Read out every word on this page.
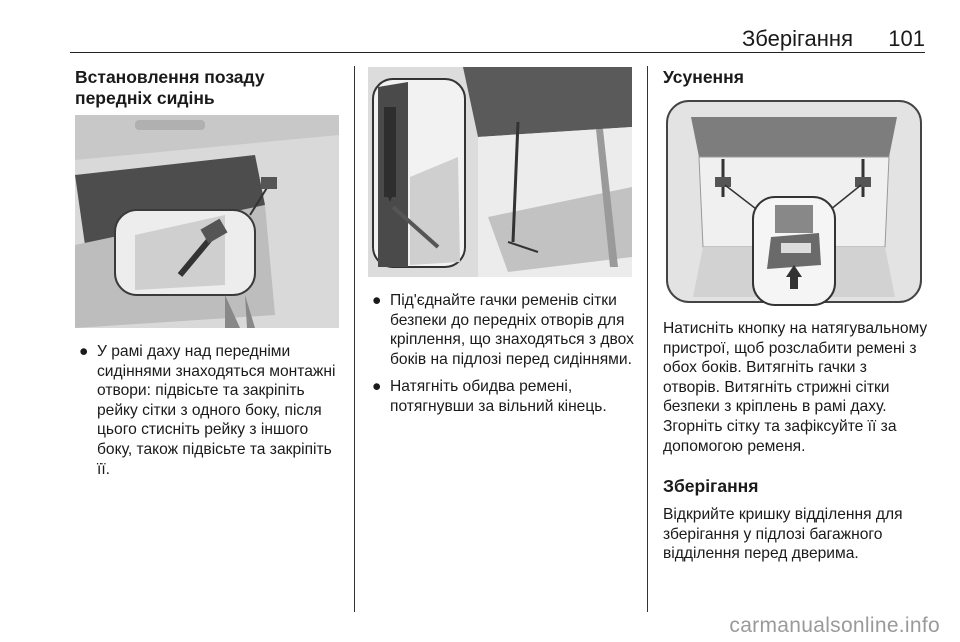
Зберігання 101
Встановлення позаду передніх сидінь

● У рамі даху над передніми сидіннями знаходяться монтажні отвори: підвісьте та закріпіть рейку сітки з одного боку, після цього стисніть рейку з іншого боку, також підвісьте та закріпіть її.

● Під'єднайте гачки ременів сітки безпеки до передніх отворів для кріплення, що знаходяться з двох боків на підлозі перед сидіннями.

● Натягніть обидва ремені, потягнувши за вільний кінець.

Усунення

Натисніть кнопку на натягувальному пристрої, щоб розслабити ремені з обох боків. Витягніть гачки з отворів. Витягніть стрижні сітки безпеки з кріплень в рамі даху. Згорніть сітку та зафіксуйте її за допомогою ременя.

Зберігання

Відкрийте кришку відділення для зберігання у підлозі багажного відділення перед дверима.

carmanualsonline.info
